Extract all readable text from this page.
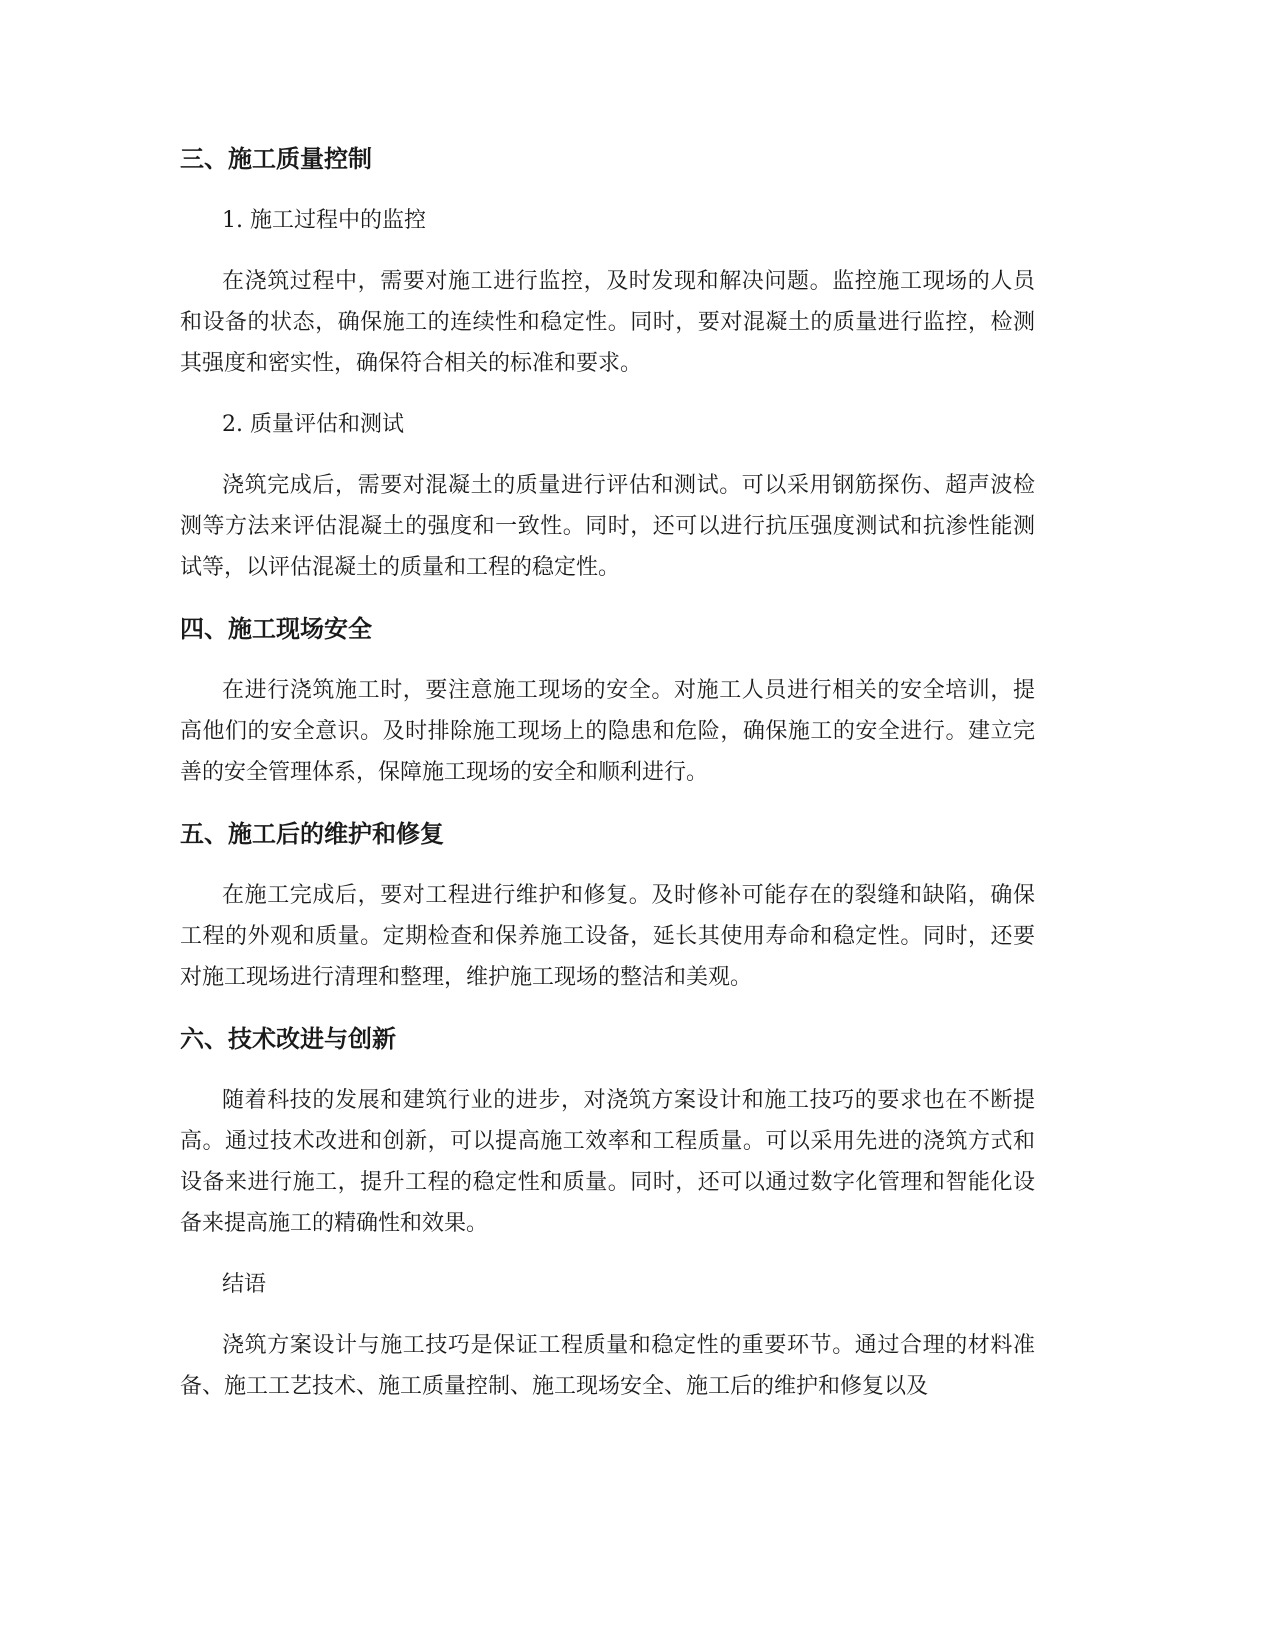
三、施工质量控制
1. 施工过程中的监控
在浇筑过程中，需要对施工进行监控，及时发现和解决问题。监控施工现场的人员和设备的状态，确保施工的连续性和稳定性。同时，要对混凝土的质量进行监控，检测其强度和密实性，确保符合相关的标准和要求。
2. 质量评估和测试
浇筑完成后，需要对混凝土的质量进行评估和测试。可以采用钢筋探伤、超声波检测等方法来评估混凝土的强度和一致性。同时，还可以进行抗压强度测试和抗渗性能测试等，以评估混凝土的质量和工程的稳定性。
四、施工现场安全
在进行浇筑施工时，要注意施工现场的安全。对施工人员进行相关的安全培训，提高他们的安全意识。及时排除施工现场上的隐患和危险，确保施工的安全进行。建立完善的安全管理体系，保障施工现场的安全和顺利进行。
五、施工后的维护和修复
在施工完成后，要对工程进行维护和修复。及时修补可能存在的裂缝和缺陷，确保工程的外观和质量。定期检查和保养施工设备，延长其使用寿命和稳定性。同时，还要对施工现场进行清理和整理，维护施工现场的整洁和美观。
六、技术改进与创新
随着科技的发展和建筑行业的进步，对浇筑方案设计和施工技巧的要求也在不断提高。通过技术改进和创新，可以提高施工效率和工程质量。可以采用先进的浇筑方式和设备来进行施工，提升工程的稳定性和质量。同时，还可以通过数字化管理和智能化设备来提高施工的精确性和效果。
结语
浇筑方案设计与施工技巧是保证工程质量和稳定性的重要环节。通过合理的材料准备、施工工艺技术、施工质量控制、施工现场安全、施工后的维护和修复以及
